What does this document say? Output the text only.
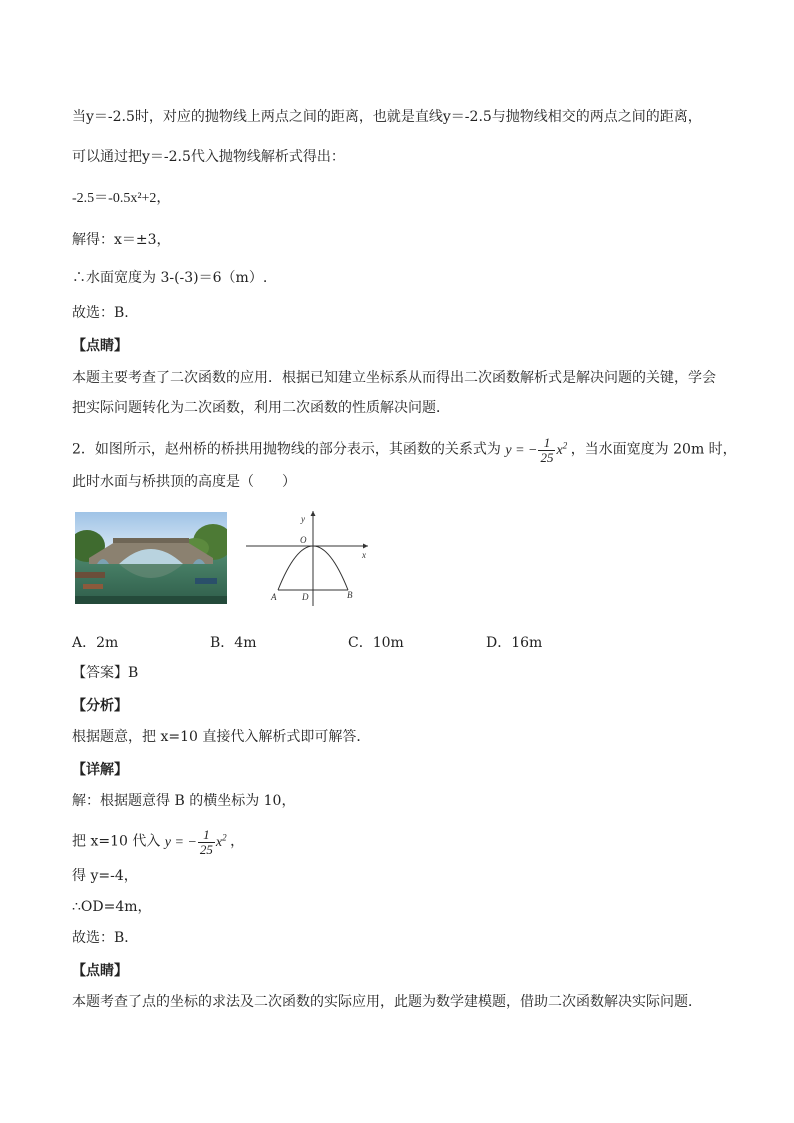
当y＝-2.5时，对应的抛物线上两点之间的距离，也就是直线y＝-2.5与抛物线相交的两点之间的距离，
可以通过把y＝-2.5代入抛物线解析式得出：
-2.5＝-0.5x²+2，
解得：x＝±3，
∴水面宽度为 3-(-3)＝6（m）.
故选：B.
【点睛】
本题主要考查了二次函数的应用．根据已知建立坐标系从而得出二次函数解析式是解决问题的关键，学会
把实际问题转化为二次函数，利用二次函数的性质解决问题．
2．如图所示，赵州桥的桥拱用抛物线的部分表示，其函数的关系式为 y = − $\frac{1}{25} x^2$ ，当水面宽度为 20m 时，
此时水面与桥拱顶的高度是（　　）
y
x
O
A	D	B
A．2m	B．4m	C．10m	D．16m
【答案】B
【分析】
根据题意，把 x=10 直接代入解析式即可解答．
【详解】
解：根据题意得 B 的横坐标为 10，
把 x=10 代入 y = − $\frac{1}{25} x^2$ ，
得 y=-4，
∴OD=4m，
故选：B．
【点睛】
本题考查了点的坐标的求法及二次函数的实际应用，此题为数学建模题，借助二次函数解决实际问题．
